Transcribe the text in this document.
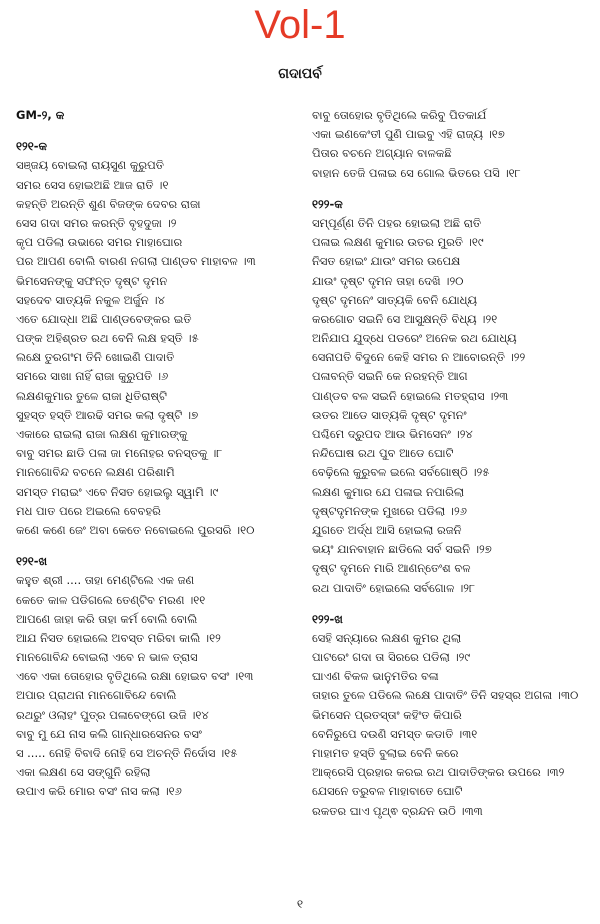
Vol-1
ଗଦାପର୍ବ
GM-୨, କ
୧୨୧-କ
ସଞ୍ଜୟ ବୋଇଲା ରାୟସୁଣ କୁରୁପତି
ସମର ସେସ ହୋଇଅଛି ଆଜ ରାତି ।୧
କହନ୍ତି ଅରନ୍ତି ଶୁଣ ବିଜଙ୍କ ଦେବର ରାଜା
ସେସ ଗଦା ସମର କରନ୍ତି ବୃହଦୁଜା ।୨
କୃପ ପଡିଲା ଉଭାରେ ସମର ମାହାଘୋର
ପର ଆପଣ ବୋଲି ବାରଣ ନଗଲା ପାଣ୍ଡବ ମାହାବଳ ।୩
ଭିମସେନଙ୍କୁ ସଫନ୍ତ ଦୃଷ୍ଟ ଦୃମନ
ସହଦେବ ସାତ୍ୟକି ନକୁଳ ଅର୍ଜୁନ ।୪
ଏତେ ଯୋଦ୍ଧା ଅଛି ପାଣ୍ଡବେଙ୍କର ଇତି
ପଙ୍କ ଅହିଶ୍ରତ ରଥ ବେନି ଲକ୍ଷ ହସ୍ତି ।୫
ଲକ୍ଷେ ତୁରଗଂମ ତିନି ଖୋଇଣି ପାଦାତି
ସମରେ ସାଖା ନାହିଁ ରାଜା କୁରୁପତି ।୬
ଲକ୍ଷଣକୁମାର ତୁଳେ ରାଜା ଧିତିରାଷ୍ଟି
ସୁହସ୍ତ ହସ୍ତି ଆରଢି ସମର କଲା ଦୃଷ୍ଟି ।୭
ଏକାରେ ରାଇଲା ରାଜା ଲକ୍ଷଣ କୁମାରଙ୍କୁ
ବାବୁ ସମର ଛାଡି ପଳା ଜା ମନୋହର ବନସ୍ତକୁ ।୮
ମାନଗୋବିନ୍ଦ ବଚନେ ଲକ୍ଷଣ ପରିଶାମି
ସମସ୍ତ ମରାଇଂ ଏବେ ନିସତ ହୋଇଲୁ ସ୍ୱାମି ।୯
ମଧ ପାତ ପରେ ଅଇଲେ ବେବହରି
କଣେ କଣେ ଜେଂ ଅବା କେତେ ନବୋଇଲେ ପୁରସରି ।୧୦
୧୨୧-ଖ
କହୁତ ଶ୍ରୀ .... ତାହା ମେଣ୍ଟିଲେ ଏକ ଜଣ
କେତେ କାଳ ପଡିଗଲେ ତେଣ୍ଟିବ ମରଣ ।୧୧
ଆପଣେ ଜାହା କରି ତାହା କର୍ମ ବୋଲି ବୋଲି
ଆଯ ନିସତ ହୋଇଲେ ଅବସ୍ତ ମରିବା କାଲି ।୧୨
ମାନଗୋବିନ୍ଦ ବୋଇଲା ଏବେ ନ ଭାଳ ତ୍ରାସ
ଏବେ ଏକା ତୋହୋର ବୃତିଥିଲେ ରକ୍ଷା ହୋଇବ ବସଂ ।୧୩
ଅପାର ପ୍ରାଥନା ମାନଗୋବିନ୍ଦେ ବୋଲି
ରଥରୁଂ ଓଲାହଂ ପୁତ୍ର ପଳାବେଙ୍ଗେ ଉଜି ।୧୪
ବାବୁ ମୁ ଯେ ନାସ କଲି ଗାନ୍ଧାରସେନର ବସଂ
ସ ..... ନୋହି ବିବାଦି ନୋହି ସେ ଅଚନ୍ତି ନିର୍ଦୋସ ।୧୫
ଏକା ଲକ୍ଷଣ ସେ ସଙ୍ଗୁନି ରହିଲା
ଉପାଏ କରି ମୋର ବସଂ ନାସ କଲା ।୧୬
ବାବୁ ତୋହୋର ବୃତିଥିଲେ କରିବୁ ପିତକାର୍ଯ
ଏକା ଇଣକେଂତୀ ପୁଣି ପାଇବୁ ଏହି ରାଜ୍ୟ ।୧୭
ପିତାର ବଚନେ ଅଗ୍ୟାନ ବାଳକଛି
ବାହାନ ତେଜି ପଳାଇ ସେ ଗୋଲ ଭିତରେ ପସି ।୧୮
୧୨୨-କ
ସମ୍ପୂର୍ଣ୍ଣ ତିନି ପହର ହୋଇଲା ଅଛି ରାତି
ପଳାଇ ଲକ୍ଷଣ କୁମାର ଉତର ମୁରତି ।୧୯
ନିସତ ହୋଇଂ ଯାଉଂ ସମର ଉପେକ୍ଷ
ଯାଉଂ ଦୃଷ୍ଟ ଦୃମନ ତାହା ଦେଖି ।୨୦
ଦୃଷ୍ଟ ଦୃମନେଂ ସାତ୍ୟକି ବେନି ଯୋଧ୍ୟ
କରଗୋଚ ସଇନି ସେ ଆସୁକ୍ଷନ୍ତି ବିଧ୍ୟ ।୨୧
ଅନିଯାପ ଯୁଦ୍ଧେ ପଡରେଂ ଅନେକ ରଥ ଯୋଧ୍ୟ
ସେନାପତି ବିଦୁନେ କେହି ସମର ନ ଆବୋରନ୍ତି ।୨୨
ପଳାବନ୍ତି ସଇନି କେ ନରହନ୍ତି ଆଗ
ପାଣ୍ଡବ ବଳ ସଇନି ହୋଇଲେ ମତହ୍ରାସ ।୨୩
ଉତର ଆଡେ ସାତ୍ୟକି ଦୃଷ୍ଟ ଦୃମନଂ
ପଶ୍ଚିମେ ଦ୍ରୁପଦ ଆଉ ଭିମସେନଂ ।୨୪
ନନ୍ଦିଘୋଷ ରଥ ପୁବ ଆଡେ ଘୋଟି
ବେଢ଼ିଲେ କୁରୁବଳ ଇଲେ ସର୍ବଗୋଷ୍ଠି ।୨୫
ଲକ୍ଷଣ କୁମାର ଯେ ପଳାଇ ନପାରିଲା
ଦୃଷ୍ଟଦୃମନଙ୍କ ମୁଖରେ ପଡିଲା ।୨୬
ଯୁଗତେ ଅର୍ଦ୍ଧ ଆସି ହୋଇଲା ରଜନି
ଭୟଂ ଯାନବାହାନ ଛାଡିଲେ ସର୍ବ ସଇନି ।୨୭
ଦୃଷ୍ଟ ଦୃମନେ ମାରି ଆଣନ୍ତେଂଶ ବଳ
ରଥ ପାଦାତିଂ ହୋଇଲେ ସର୍ବଗୋଳ ।୨୮
୧୨୨-ଖ
ସେହି ସନ୍ୟାରେ ଲକ୍ଷଣ କୁମର ଥିଲା
ପାଟରେଂ ଗଦା ତା ସିରରେ ପଡିଲା ।୨୯
ଘାଏଣ ବିକଳ ଭାନୁମତିର ବଳା
ତାହାର ତୁଳେ ପଡିଲେ ଲକ୍ଷେ ପାଦାତିଂ ତିନି ସହସ୍ର ଅଗଳା ।୩୦
ଭିମସେନ ପ୍ରତସ୍ତାଂ କହିଂତ କିପାରି
ବେନିରୁପେ ଦଉଣି ସମସ୍ତ କଡାତି ।୩୧
ମାହାମତ ହସ୍ତି ବୁଲାଇ ବେନି କରେ
ଆକ୍ରେସି ପ୍ରହାର କରଇ ରଥ ପାଦାତିଙ୍କର ଉପରେ ।୩୨
ଯେସନେ ତରୁବଳ ମାହାବାତେ ଘୋଟି
ରକତର ଘାଏ ପୃଥ୍ଵ ବ୍ରନ୍ଦନ ଉଠି ।୩୩
୧
